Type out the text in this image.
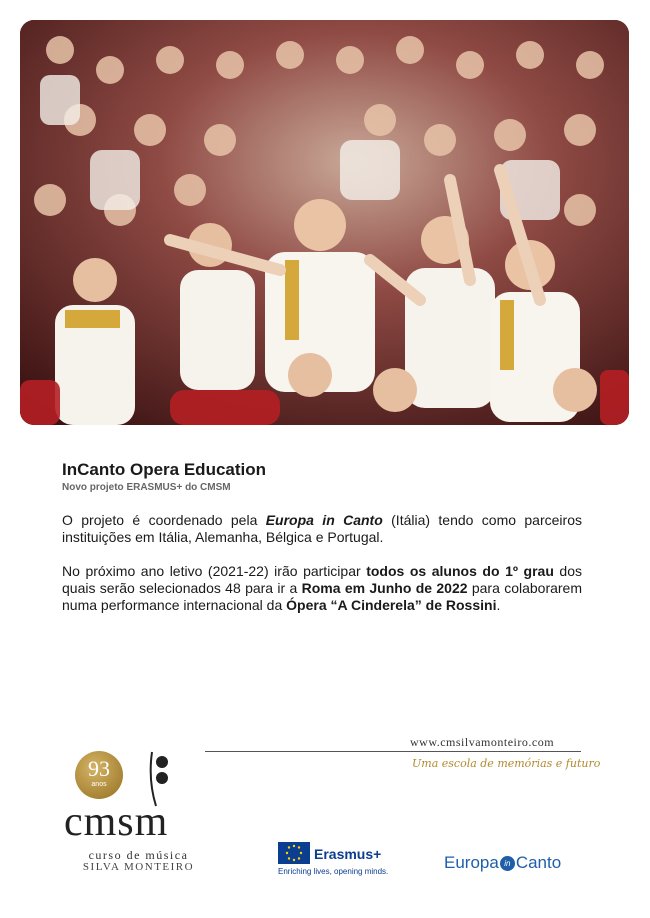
InCanto Opera Education

Novo projeto ERASMUS+ do CMSM

O projeto é coordenado pela Europa in Canto (Itália) tendo como parceiros instituições em Itália, Alemanha, Bélgica e Portugal.

No próximo ano letivo (2021-22) irão participar todos os alunos do 1º grau dos quais serão selecionados 48 para ir a Roma em Junho de 2022 para colaborarem numa performance internacional da Ópera “A Cinderela” de Rossini.

www.cmsilvamonteiro.com
Uma escola de memórias e futuro
93
anos
cmsm
curso de música
SILVA MONTEIRO
Erasmus+
Enriching lives, opening minds.	Europa in Canto
